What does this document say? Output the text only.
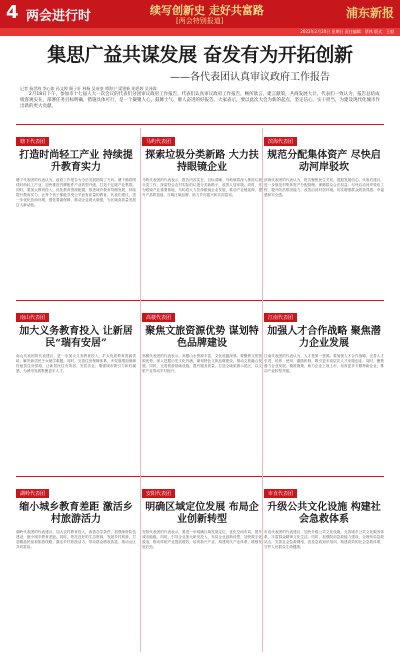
4 两会进行时	续写创新史 走好共富路
[两会特别报道]
浦东新报
2022年2月20日 星期日 责任编辑：蔡林 版式：王毅
集思广益共谋发展 奋发有为开拓创新
——各代表团认真审议政府工作报告
记者 杨世海 李心如 孙文婷 顾子轩 林杨 吴成豪 谭海宁 梁建新 胡思婷 吴泽霖
2月18日下午，参加市十七届人大一次会议的代表们分团审议政府工作报告。代表们认真审议政府工作报告，畅所欲言，建言献策，共商发展大计。代表们一致认为，报告总结成绩客观实在，部署任务目标明确，措施具体可行，是一个凝聚人心、鼓舞士气、催人奋进的好报告。大家表示，要以此次大会为新的起点，坚定信心、实干担当，为建设现代化城市作出新的更大贡献。
塘下代表团
打造时尚轻工产业 持续提升教育实力
塘下代表团的代表认为，政府工作报告为今后发展指明了方向。塘下镇将围绕时尚轻工产业，加快推进汽摩配件产业转型升级，打造千亿级产业集群。同时，要加大教育投入，优化教育资源配置，推进城乡教育均衡发展，持续提升教育实力，让每个孩子都能享受公平而有质量的教育。代表们建议，进一步优化营商环境，强化要素保障，推动企业做大做强，为区域高质量发展注入新动能。
马屿代表团
探索垃圾分类新路 大力扶持眼镜企业
马屿代表团的代表表示，报告内容实在，目标清晰。马屿镇将深入推进垃圾分类工作，探索符合农村实际的垃圾分类新路子，改善人居环境。同时，作为眼镜产业重要基地，马屿将大力扶持眼镜企业发展，推动产业链延伸，提升产品附加值，打响区域品牌，助力乡村振兴和共同富裕。
滨海代表团
规范分配集体资产 尽快启动河岸驳坎
滨海代表团的代表认为，报告聚焦民生关切，提振发展信心。代表们建议，进一步规范村集体资产分配管理，保障群众合法权益；尽快启动河岸驳坎工程，提升防洪排涝能力，改善沿河村居环境，切实增强群众的获得感、幸福感和安全感。
南山代表团
加大义务教育投入 让新居民“瑞有安居”
南山代表团的代表建议，进一步加大义务教育投入，扩大优质教育资源供给，解决新居民子女就学难题。同时，完善住房保障体系，多渠道增加保障性租赁住房供给，让新居民住有所居、安居乐业，增强城市吸引力和归属感，为城市发展集聚更多人才。
高楼代表团
聚焦文旅资源优势 谋划特色品牌建设
高楼代表团的代表表示，高楼山水资源丰富，文化底蕴深厚。要聚焦文旅资源优势，深入挖掘历史文化内涵，谋划特色文旅品牌建设，推动文旅融合发展。同时，完善旅游基础设施，提升服务质量，打造全域旅游示范区，以文旅产业带动乡村振兴。
江南代表团
加强人才合作战略 聚焦潜力企业发展
江南代表团的代表认为，人才是第一资源。要加强人才合作战略，完善人才引进、培养、使用、激励机制，吸引更多高层次人才来瑞创业。同时，聚焦潜力企业发展，精准施策，助力企业上规上市，培育更多专精特新企业，推动产业转型升级。
湖岭代表团
缩小城乡教育差距 激活乡村旅游活力
湖岭代表团的代表建议，加大农村教育投入，改善办学条件，加强师资队伍建设，缩小城乡教育差距。同时，依托良好的生态资源，发展乡村旅游，打造精品民宿和旅游线路，激活乡村旅游活力，带动群众增收致富，推动山区共同富裕。
安阳代表团
明确区域定位发展 布局企业创新转型
安阳代表团的代表表示，要进一步明确区域发展定位，优化空间布局，提升城市能级。同时，引导企业加大研发投入，布局企业创新转型，加快数字化改造，推动传统产业提质增效，培育新兴产业，构建现代产业体系，增强发展后劲。
市直代表团
升级公共文化设施 构建社会急救体系
市直代表团的代表建议，加快升级公共文化设施，完善城乡公共文化服务体系，丰富群众精神文化生活。同时，加强院前急救能力建设，合理布局急救站点，完善社会急救网络，普及急救知识培训，构建高效的社会急救体系，守护人民群众生命健康。
